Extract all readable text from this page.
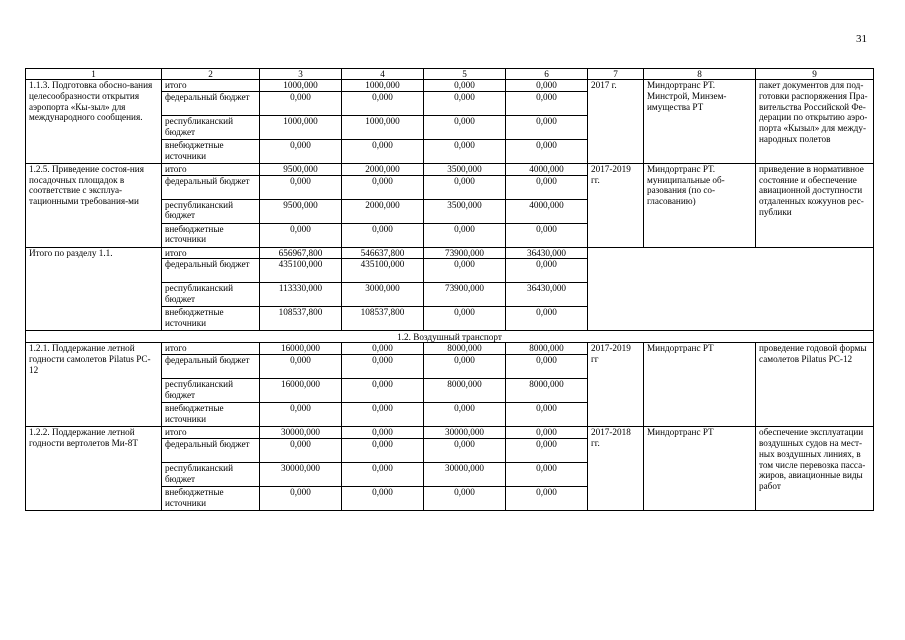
31
1	2	3	4	5	6	7	8	9
1.1.3. Подготовка обосно-вания целесообразности открытия аэропорта «Кы-зыл» для международного сообщения.	итого	1000,000	1000,000	0,000	0,000	2017 г.	Миндортранс РТ. Минстрой, Минзем-имущества РТ	пакет документов для под-готовки распоряжения Пра-вительства Российской Фе-дерации по открытию аэро-порта «Кызыл» для между-народных полетов
	федеральный бюджет	0,000	0,000	0,000	0,000			
	республиканский бюджет	1000,000	1000,000	0,000	0,000			
	внебюджетные источники	0,000	0,000	0,000	0,000			
1.2.5. Приведение состоя-ния посадочных площадок в соответствие с эксплуа-тационными требования-ми	итого	9500,000	2000,000	3500,000	4000,000	2017-2019 гг.	Миндортранс РТ. муниципальные об-разования (по со-гласованию)	приведение в нормативное состояние и обеспечение авиационной доступности отдаленных кожуунов рес-публики
	федеральный бюджет	0,000	0,000	0,000	0,000			
	республиканский бюджет	9500,000	2000,000	3500,000	4000,000			
	внебюджетные источники	0,000	0,000	0,000	0,000			
Итого по разделу 1.1.	итого	656967,800	546637,800	73900,000	36430,000			
	федеральный бюджет	435100,000	435100,000	0,000	0,000			
	республиканский бюджет	113330,000	3000,000	73900,000	36430,000			
	внебюджетные источники	108537,800	108537,800	0,000	0,000			
1.2. Воздушный транспорт								
1.2.1. Поддержание летной годности самолетов Pilatus PC-12	итого	16000,000	0,000	8000,000	8000,000	2017-2019 гг	Миндортранс РТ	проведение годовой формы самолетов Pilatus PC-12
	федеральный бюджет	0,000	0,000	0,000	0,000			
	республиканский бюджет	16000,000	0,000	8000,000	8000,000			
	внебюджетные источники	0,000	0,000	0,000	0,000			
1.2.2. Поддержание летной годности вертолетов Ми-8Т	итого	30000,000	0,000	30000,000	0,000	2017-2018 гг.	Миндортранс РТ	обеспечение эксплуатации воздушных судов на мест-ных воздушных линиях, в том числе перевозка пасса-жиров, авиационные виды работ
	федеральный бюджет	0,000	0,000	0,000	0,000			
	республиканский бюджет	30000,000	0,000	30000,000	0,000			
	внебюджетные источники	0,000	0,000	0,000	0,000			
